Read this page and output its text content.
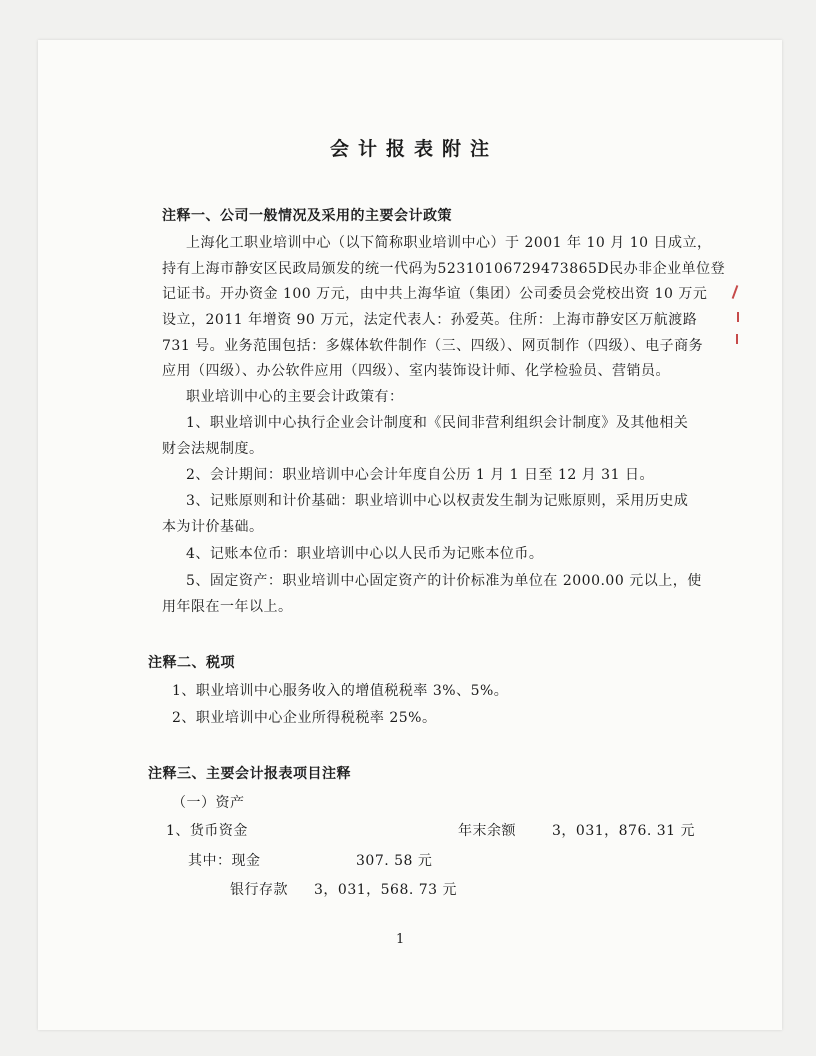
会计报表附注
注释一、公司一般情况及采用的主要会计政策
上海化工职业培训中心（以下简称职业培训中心）于 2001 年 10 月 10 日成立，
持有上海市静安区民政局颁发的统一代码为52310106729473865D民办非企业单位登
记证书。开办资金 100 万元，由中共上海华谊（集团）公司委员会党校出资 10 万元
设立，2011 年增资 90 万元，法定代表人：孙爱英。住所：上海市静安区万航渡路
731 号。业务范围包括：多媒体软件制作（三、四级）、网页制作（四级）、电子商务
应用（四级）、办公软件应用（四级）、室内装饰设计师、化学检验员、营销员。
职业培训中心的主要会计政策有：
1、职业培训中心执行企业会计制度和《民间非营利组织会计制度》及其他相关
财会法规制度。
2、会计期间：职业培训中心会计年度自公历 1 月 1 日至 12 月 31 日。
3、记账原则和计价基础：职业培训中心以权责发生制为记账原则，采用历史成
本为计价基础。
4、记账本位币：职业培训中心以人民币为记账本位币。
5、固定资产：职业培训中心固定资产的计价标准为单位在 2000.00 元以上，使
用年限在一年以上。
注释二、税项
1、职业培训中心服务收入的增值税税率 3%、5%。
2、职业培训中心企业所得税税率 25%。
注释三、主要会计报表项目注释
（一）资产
1、货币资金	年末余额	3，031，876. 31 元
其中：现金	307. 58 元
银行存款 3，031，568. 73 元
1
